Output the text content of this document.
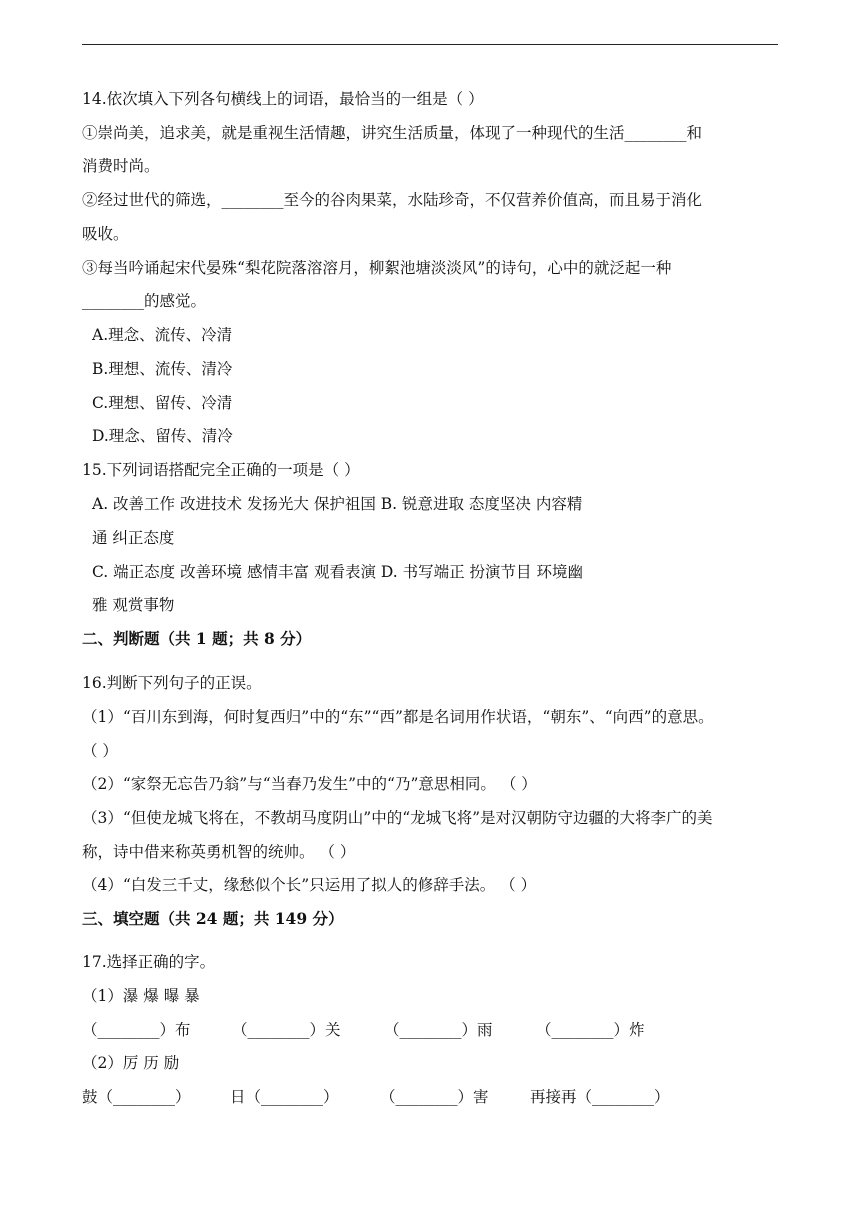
14.依次填入下列各句横线上的词语，最恰当的一组是（ ）
①崇尚美，追求美，就是重视生活情趣，讲究生活质量，体现了一种现代的生活________和
消费时尚。
②经过世代的筛选，________至今的谷肉果菜，水陆珍奇，不仅营养价值高，而且易于消化
吸收。
③每当吟诵起宋代晏殊“梨花院落溶溶月，柳絮池塘淡淡风”的诗句，心中的就泛起一种
________的感觉。
A.理念、流传、冷清
B.理想、流传、清冷
C.理想、留传、冷清
D.理念、留传、清冷
15.下列词语搭配完全正确的一项是（ ）
A. 改善工作 改进技术 发扬光大 保护祖国 B. 锐意进取 态度坚决 内容精
通 纠正态度
C. 端正态度 改善环境 感情丰富 观看表演 D. 书写端正 扮演节目 环境幽
雅 观赏事物
二、判断题（共 1 题；共 8 分）
16.判断下列句子的正误。
（1）“百川东到海，何时复西归”中的“东”“西”都是名词用作状语，“朝东”、“向西”的意思。
（ ）
（2）“家祭无忘告乃翁”与“当春乃发生”中的“乃”意思相同。 （ ）
（3）“但使龙城飞将在，不教胡马度阴山”中的“龙城飞将”是对汉朝防守边疆的大将李广的美
称，诗中借来称英勇机智的统帅。 （ ）
（4）“白发三千丈，缘愁似个长”只运用了拟人的修辞手法。 （ ）
三、填空题（共 24 题；共 149 分）
17.选择正确的字。
（1）瀑 爆 曝 暴
（________）布	（________）关	（________）雨	（________）炸
（2）厉 历 励
鼓（________）	日（________）	（________）害	再接再（________）
